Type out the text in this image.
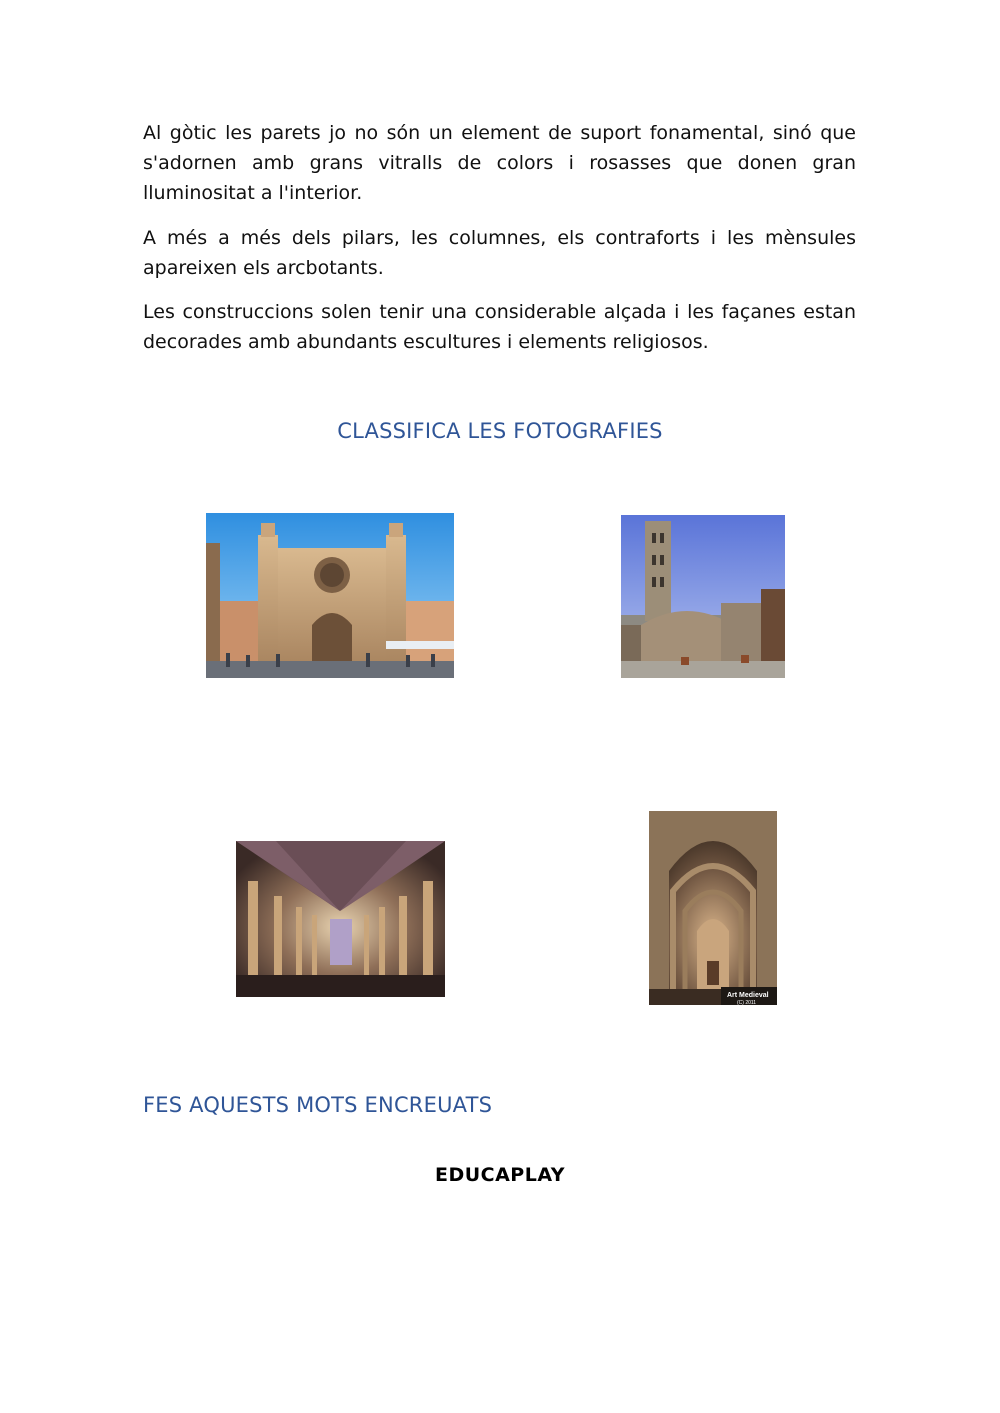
Al gòtic les parets jo no són un element de suport fonamental, sinó que s'adornen amb grans vitralls de colors i rosasses que donen gran lluminositat a l'interior.

A més a més dels pilars, les columnes, els contraforts i les mènsules apareixen els arcbotants.

Les construccions solen tenir una considerable alçada i les façanes estan decorades amb abundants escultures i elements religiosos.

CLASSIFICA LES FOTOGRAFIES
Art Medieval
(C) 2011
FES AQUESTS MOTS ENCREUATS
EDUCAPLAY
